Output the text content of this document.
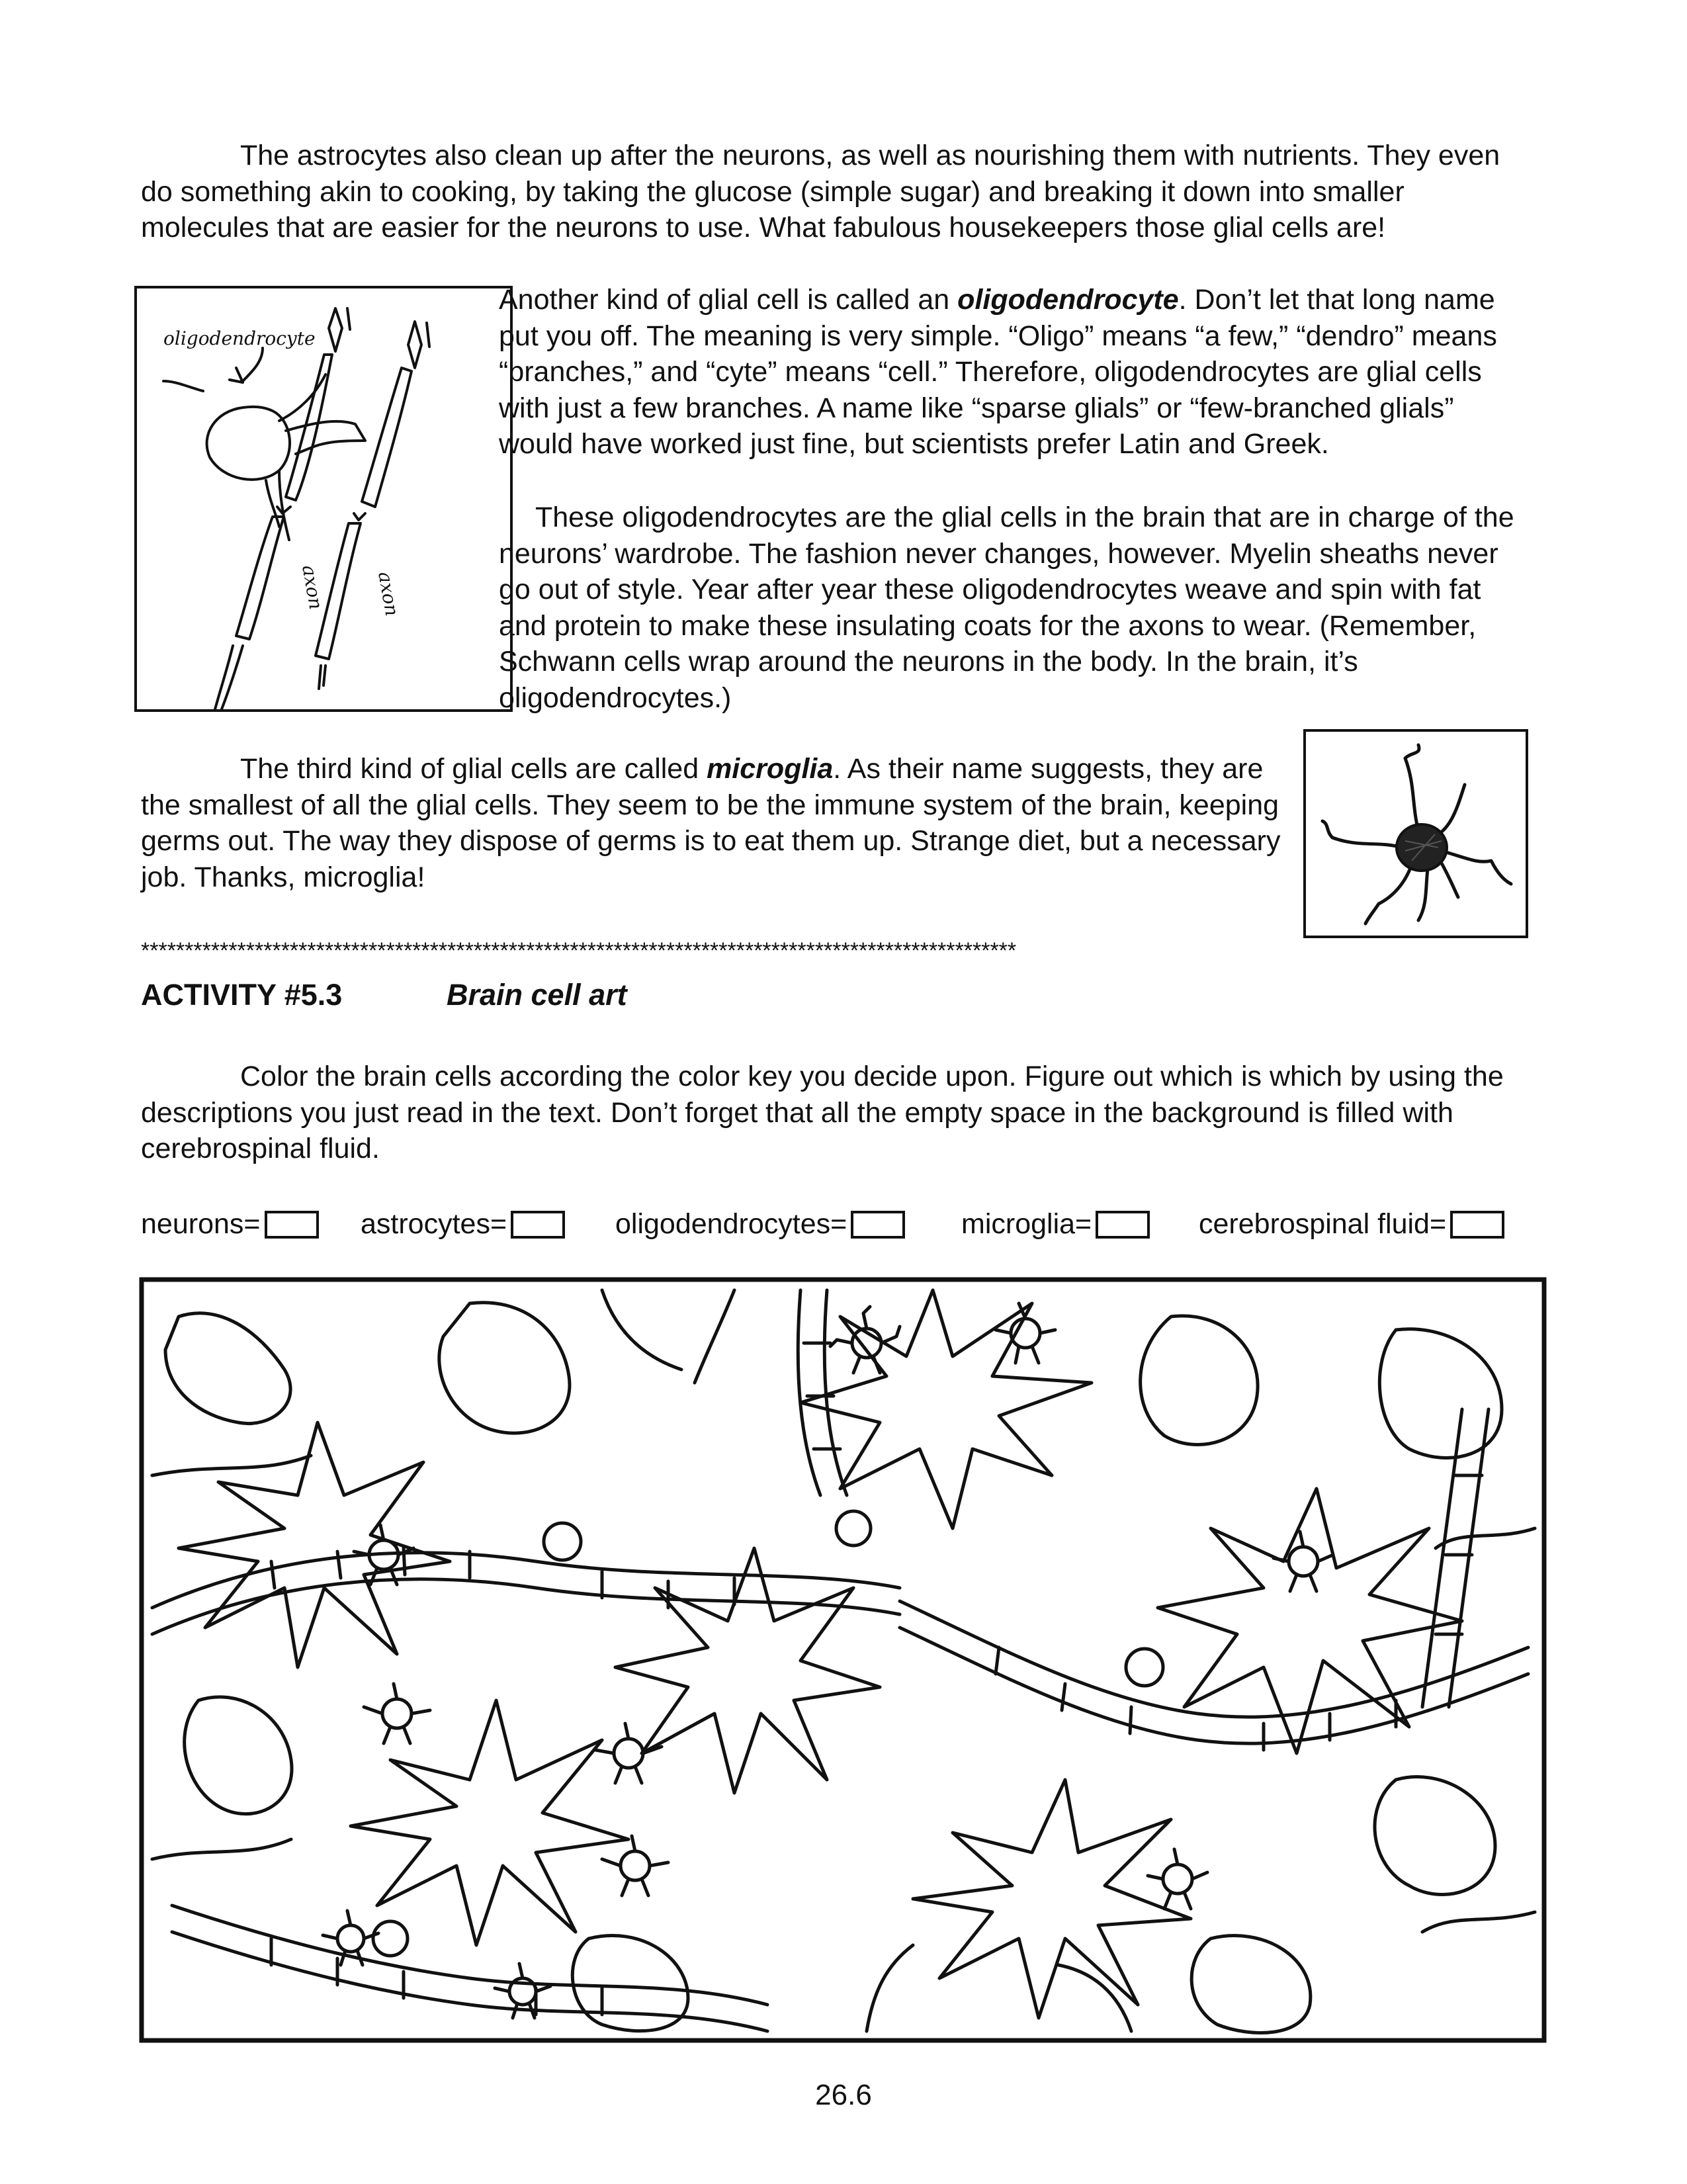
The astrocytes also clean up after the neurons, as well as nourishing them with nutrients. They even do something akin to cooking, by taking the glucose (simple sugar) and breaking it down into smaller molecules that are easier for the neurons to use. What fabulous housekeepers those glial cells are!
oligodendrocyte
axon	axon
Another kind of glial cell is called an oligodendrocyte. Don’t let that long name put you off. The meaning is very simple. “Oligo” means “a few,” “dendro” means “branches,” and “cyte” means “cell.” Therefore, oligodendrocytes are glial cells with just a few branches. A name like “sparse glials” or “few-branched glials” would have worked just fine, but scientists prefer Latin and Greek.
These oligodendrocytes are the glial cells in the brain that are in charge of the neurons’ wardrobe. The fashion never changes, however. Myelin sheaths never go out of style. Year after year these oligodendrocytes weave and spin with fat and protein to make these insulating coats for the axons to wear. (Remember, Schwann cells wrap around the neurons in the body. In the brain, it’s oligodendrocytes.)
The third kind of glial cells are called microglia. As their name suggests, they are the smallest of all the glial cells. They seem to be the immune system of the brain, keeping germs out. The way they dispose of germs is to eat them up. Strange diet, but a necessary job. Thanks, microglia!
****************************************************************************************************
ACTIVITY #5.3	Brain cell art
Color the brain cells according the color key you decide upon. Figure out which is which by using the descriptions you just read in the text. Don’t forget that all the empty space in the background is filled with cerebrospinal fluid.
neurons=	astrocytes=	oligodendrocytes=	microglia=	cerebrospinal fluid=
26.6
